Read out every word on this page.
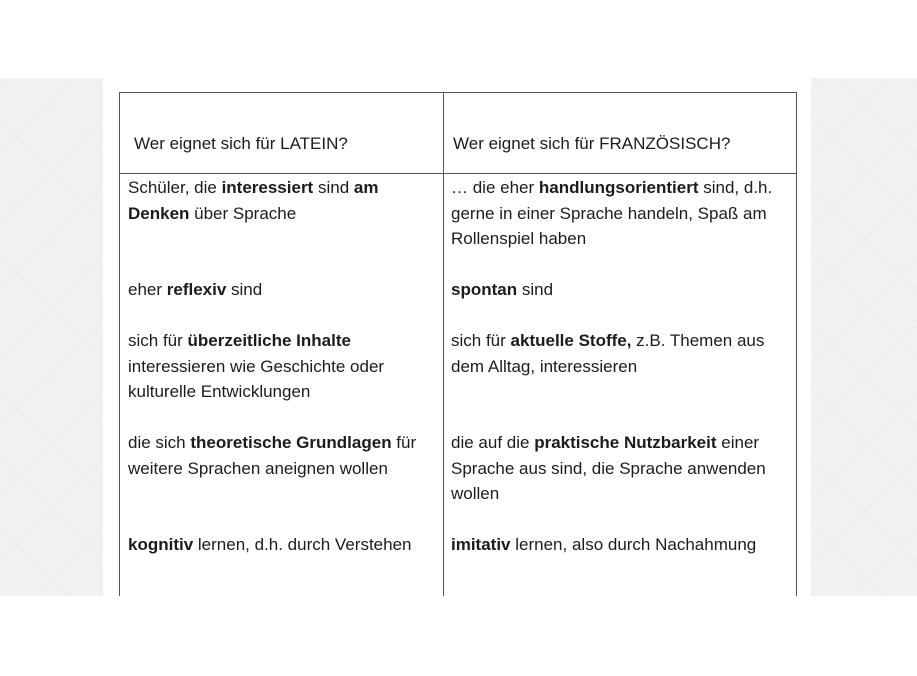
Wer eignet sich für LATEIN?	Wer eignet sich für FRANZÖSISCH?

Schüler, die interessiert sind am Denken über Sprache

eher reflexiv sind

sich für überzeitliche Inhalte interessieren wie Geschichte oder kulturelle Entwicklungen

die sich theoretische Grundlagen für weitere Sprachen aneignen wollen

kognitiv lernen, d.h. durch Verstehen

… die eher handlungsorientiert sind, d.h. gerne in einer Sprache handeln, Spaß am Rollenspiel haben

spontan sind

sich für aktuelle Stoffe, z.B. Themen aus dem Alltag, interessieren

die auf die praktische Nutzbarkeit einer Sprache aus sind, die Sprache anwenden wollen

imitativ lernen, also durch Nachahmung
